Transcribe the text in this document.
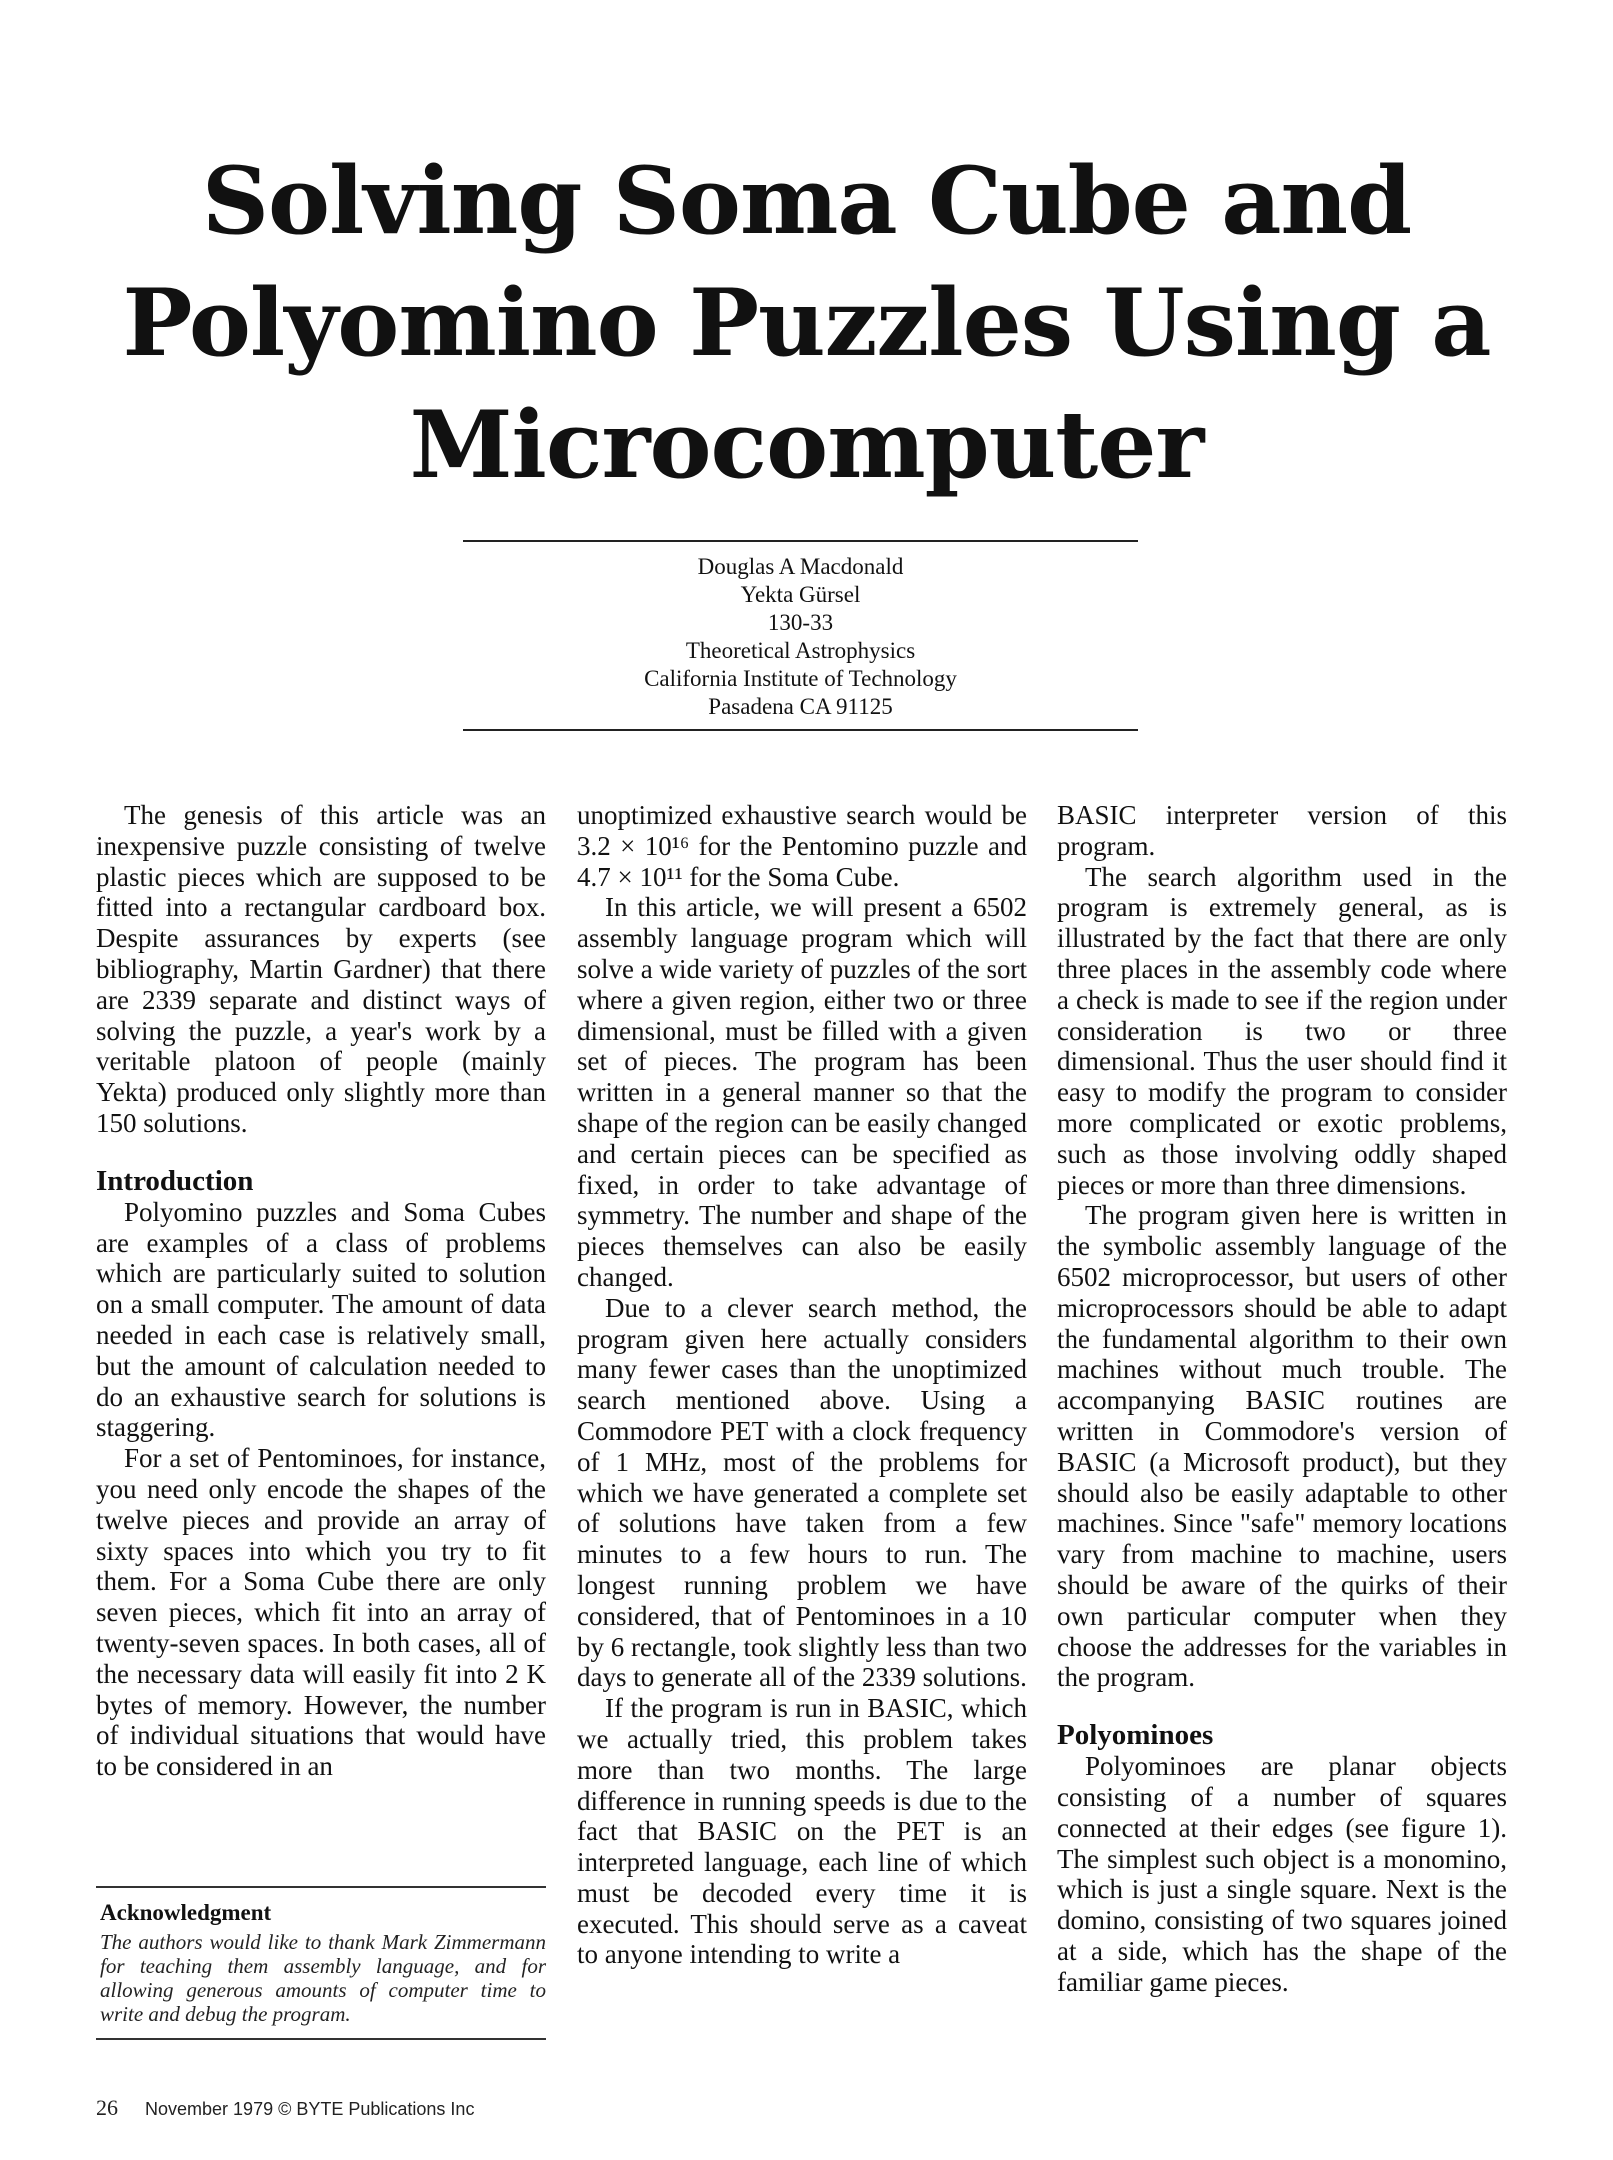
Solving Soma Cube and
Polyomino Puzzles Using a
Microcomputer
Douglas A Macdonald
Yekta Gürsel
130-33
Theoretical Astrophysics
California Institute of Technology
Pasadena CA 91125

The genesis of this article was an inexpensive puzzle consisting of twelve plastic pieces which are supposed to be fitted into a rectangular cardboard box. Despite assurances by experts (see bibliography, Martin Gardner) that there are 2339 separate and distinct ways of solving the puzzle, a year's work by a veritable platoon of people (mainly Yekta) produced only slightly more than 150 solutions.

Introduction

Polyomino puzzles and Soma Cubes are examples of a class of problems which are particularly suited to solution on a small computer. The amount of data needed in each case is relatively small, but the amount of calculation needed to do an exhaustive search for solutions is staggering.

For a set of Pentominoes, for instance, you need only encode the shapes of the twelve pieces and provide an array of sixty spaces into which you try to fit them. For a Soma Cube there are only seven pieces, which fit into an array of twenty-seven spaces. In both cases, all of the necessary data will easily fit into 2 K bytes of memory. However, the number of individual situations that would have to be considered in an

Acknowledgment

The authors would like to thank Mark Zimmermann for teaching them assembly language, and for allowing generous amounts of computer time to write and debug the program.

unoptimized exhaustive search would be 3.2 × 10¹⁶ for the Pentomino puzzle and 4.7 × 10¹¹ for the Soma Cube.

In this article, we will present a 6502 assembly language program which will solve a wide variety of puzzles of the sort where a given region, either two or three dimensional, must be filled with a given set of pieces. The program has been written in a general manner so that the shape of the region can be easily changed and certain pieces can be specified as fixed, in order to take advantage of symmetry. The number and shape of the pieces themselves can also be easily changed.

Due to a clever search method, the program given here actually considers many fewer cases than the unoptimized search mentioned above. Using a Commodore PET with a clock frequency of 1 MHz, most of the problems for which we have generated a complete set of solutions have taken from a few minutes to a few hours to run. The longest running problem we have considered, that of Pentominoes in a 10 by 6 rectangle, took slightly less than two days to generate all of the 2339 solutions.

If the program is run in BASIC, which we actually tried, this problem takes more than two months. The large difference in running speeds is due to the fact that BASIC on the PET is an interpreted language, each line of which must be decoded every time it is executed. This should serve as a caveat to anyone intending to write a

BASIC interpreter version of this program.

The search algorithm used in the program is extremely general, as is illustrated by the fact that there are only three places in the assembly code where a check is made to see if the region under consideration is two or three dimensional. Thus the user should find it easy to modify the program to consider more complicated or exotic problems, such as those involving oddly shaped pieces or more than three dimensions.

The program given here is written in the symbolic assembly language of the 6502 microprocessor, but users of other microprocessors should be able to adapt the fundamental algorithm to their own machines without much trouble. The accompanying BASIC routines are written in Commodore's version of BASIC (a Microsoft product), but they should also be easily adaptable to other machines. Since "safe" memory locations vary from machine to machine, users should be aware of the quirks of their own particular computer when they choose the addresses for the variables in the program.

Polyominoes

Polyominoes are planar objects consisting of a number of squares connected at their edges (see figure 1). The simplest such object is a monomino, which is just a single square. Next is the domino, consisting of two squares joined at a side, which has the shape of the familiar game pieces.

26 November 1979 © BYTE Publications Inc
